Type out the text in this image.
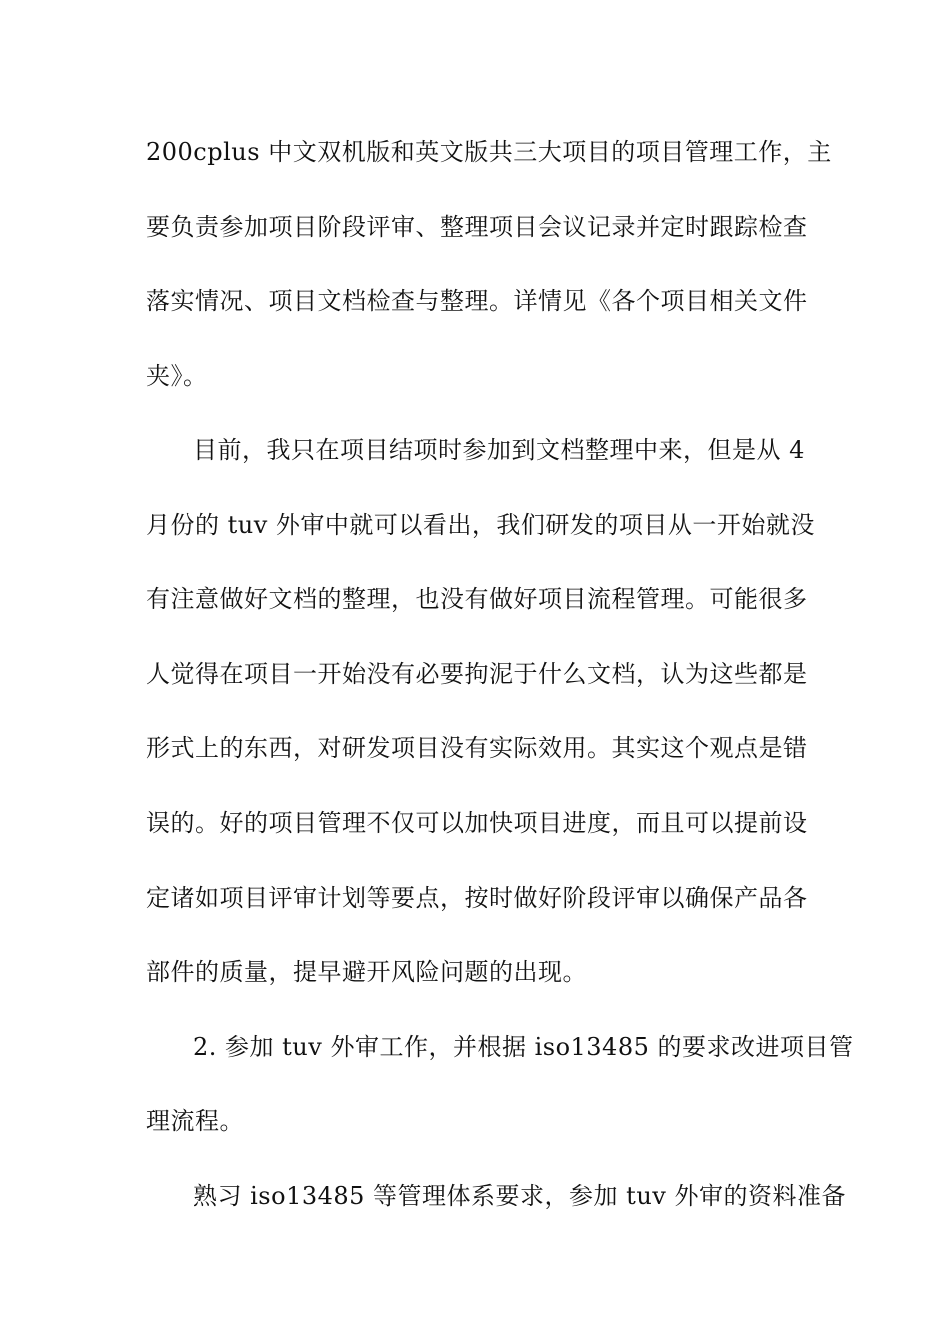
200cplus 中文双机版和英文版共三大项目的项目管理工作，主
要负责参加项目阶段评审、整理项目会议记录并定时跟踪检查
落实情况、项目文档检查与整理。详情见《各个项目相关文件
夹》。
目前，我只在项目结项时参加到文档整理中来，但是从 4
月份的 tuv 外审中就可以看出，我们研发的项目从一开始就没
有注意做好文档的整理，也没有做好项目流程管理。可能很多
人觉得在项目一开始没有必要拘泥于什么文档，认为这些都是
形式上的东西，对研发项目没有实际效用。其实这个观点是错
误的。好的项目管理不仅可以加快项目进度，而且可以提前设
定诸如项目评审计划等要点，按时做好阶段评审以确保产品各
部件的质量，提早避开风险问题的出现。
2. 参加 tuv 外审工作，并根据 iso13485 的要求改进项目管
理流程。
熟习 iso13485 等管理体系要求，参加 tuv 外审的资料准备
